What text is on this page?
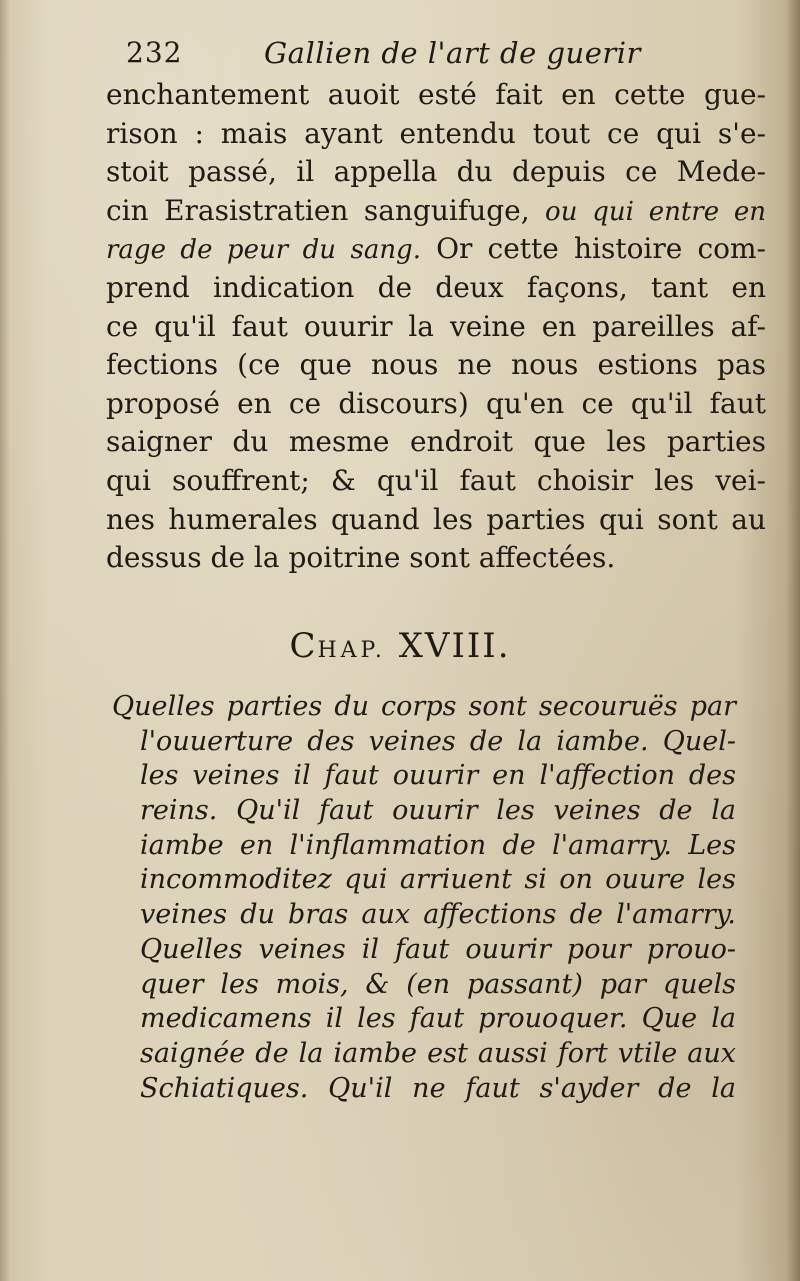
232	Gallien de l'art de guerir
enchantement auoit esté fait en cette gue-
rison : mais ayant entendu tout ce qui s'e-
stoit passé, il appella du depuis ce Mede-
cin Erasistratien sanguifuge, ou qui entre en
rage de peur du sang. Or cette histoire com-
prend indication de deux façons, tant en
ce qu'il faut ouurir la veine en pareilles af-
fections (ce que nous ne nous estions pas
proposé en ce discours) qu'en ce qu'il faut
saigner du mesme endroit que les parties
qui souffrent; & qu'il faut choisir les vei-
nes humerales quand les parties qui sont au
dessus de la poitrine sont affectées.
CHAP. XVIII.
Quelles parties du corps sont secouruës par
l'ouuerture des veines de la iambe. Quel-
les veines il faut ouurir en l'affection des
reins. Qu'il faut ouurir les veines de la
iambe en l'inflammation de l'amarry. Les
incommoditez qui arriuent si on ouure les
veines du bras aux affections de l'amarry.
Quelles veines il faut ouurir pour prouo-
quer les mois, & (en passant) par quels
medicamens il les faut prouoquer. Que la
saignée de la iambe est aussi fort vtile aux
Schiatiques. Qu'il ne faut s'ayder de la
